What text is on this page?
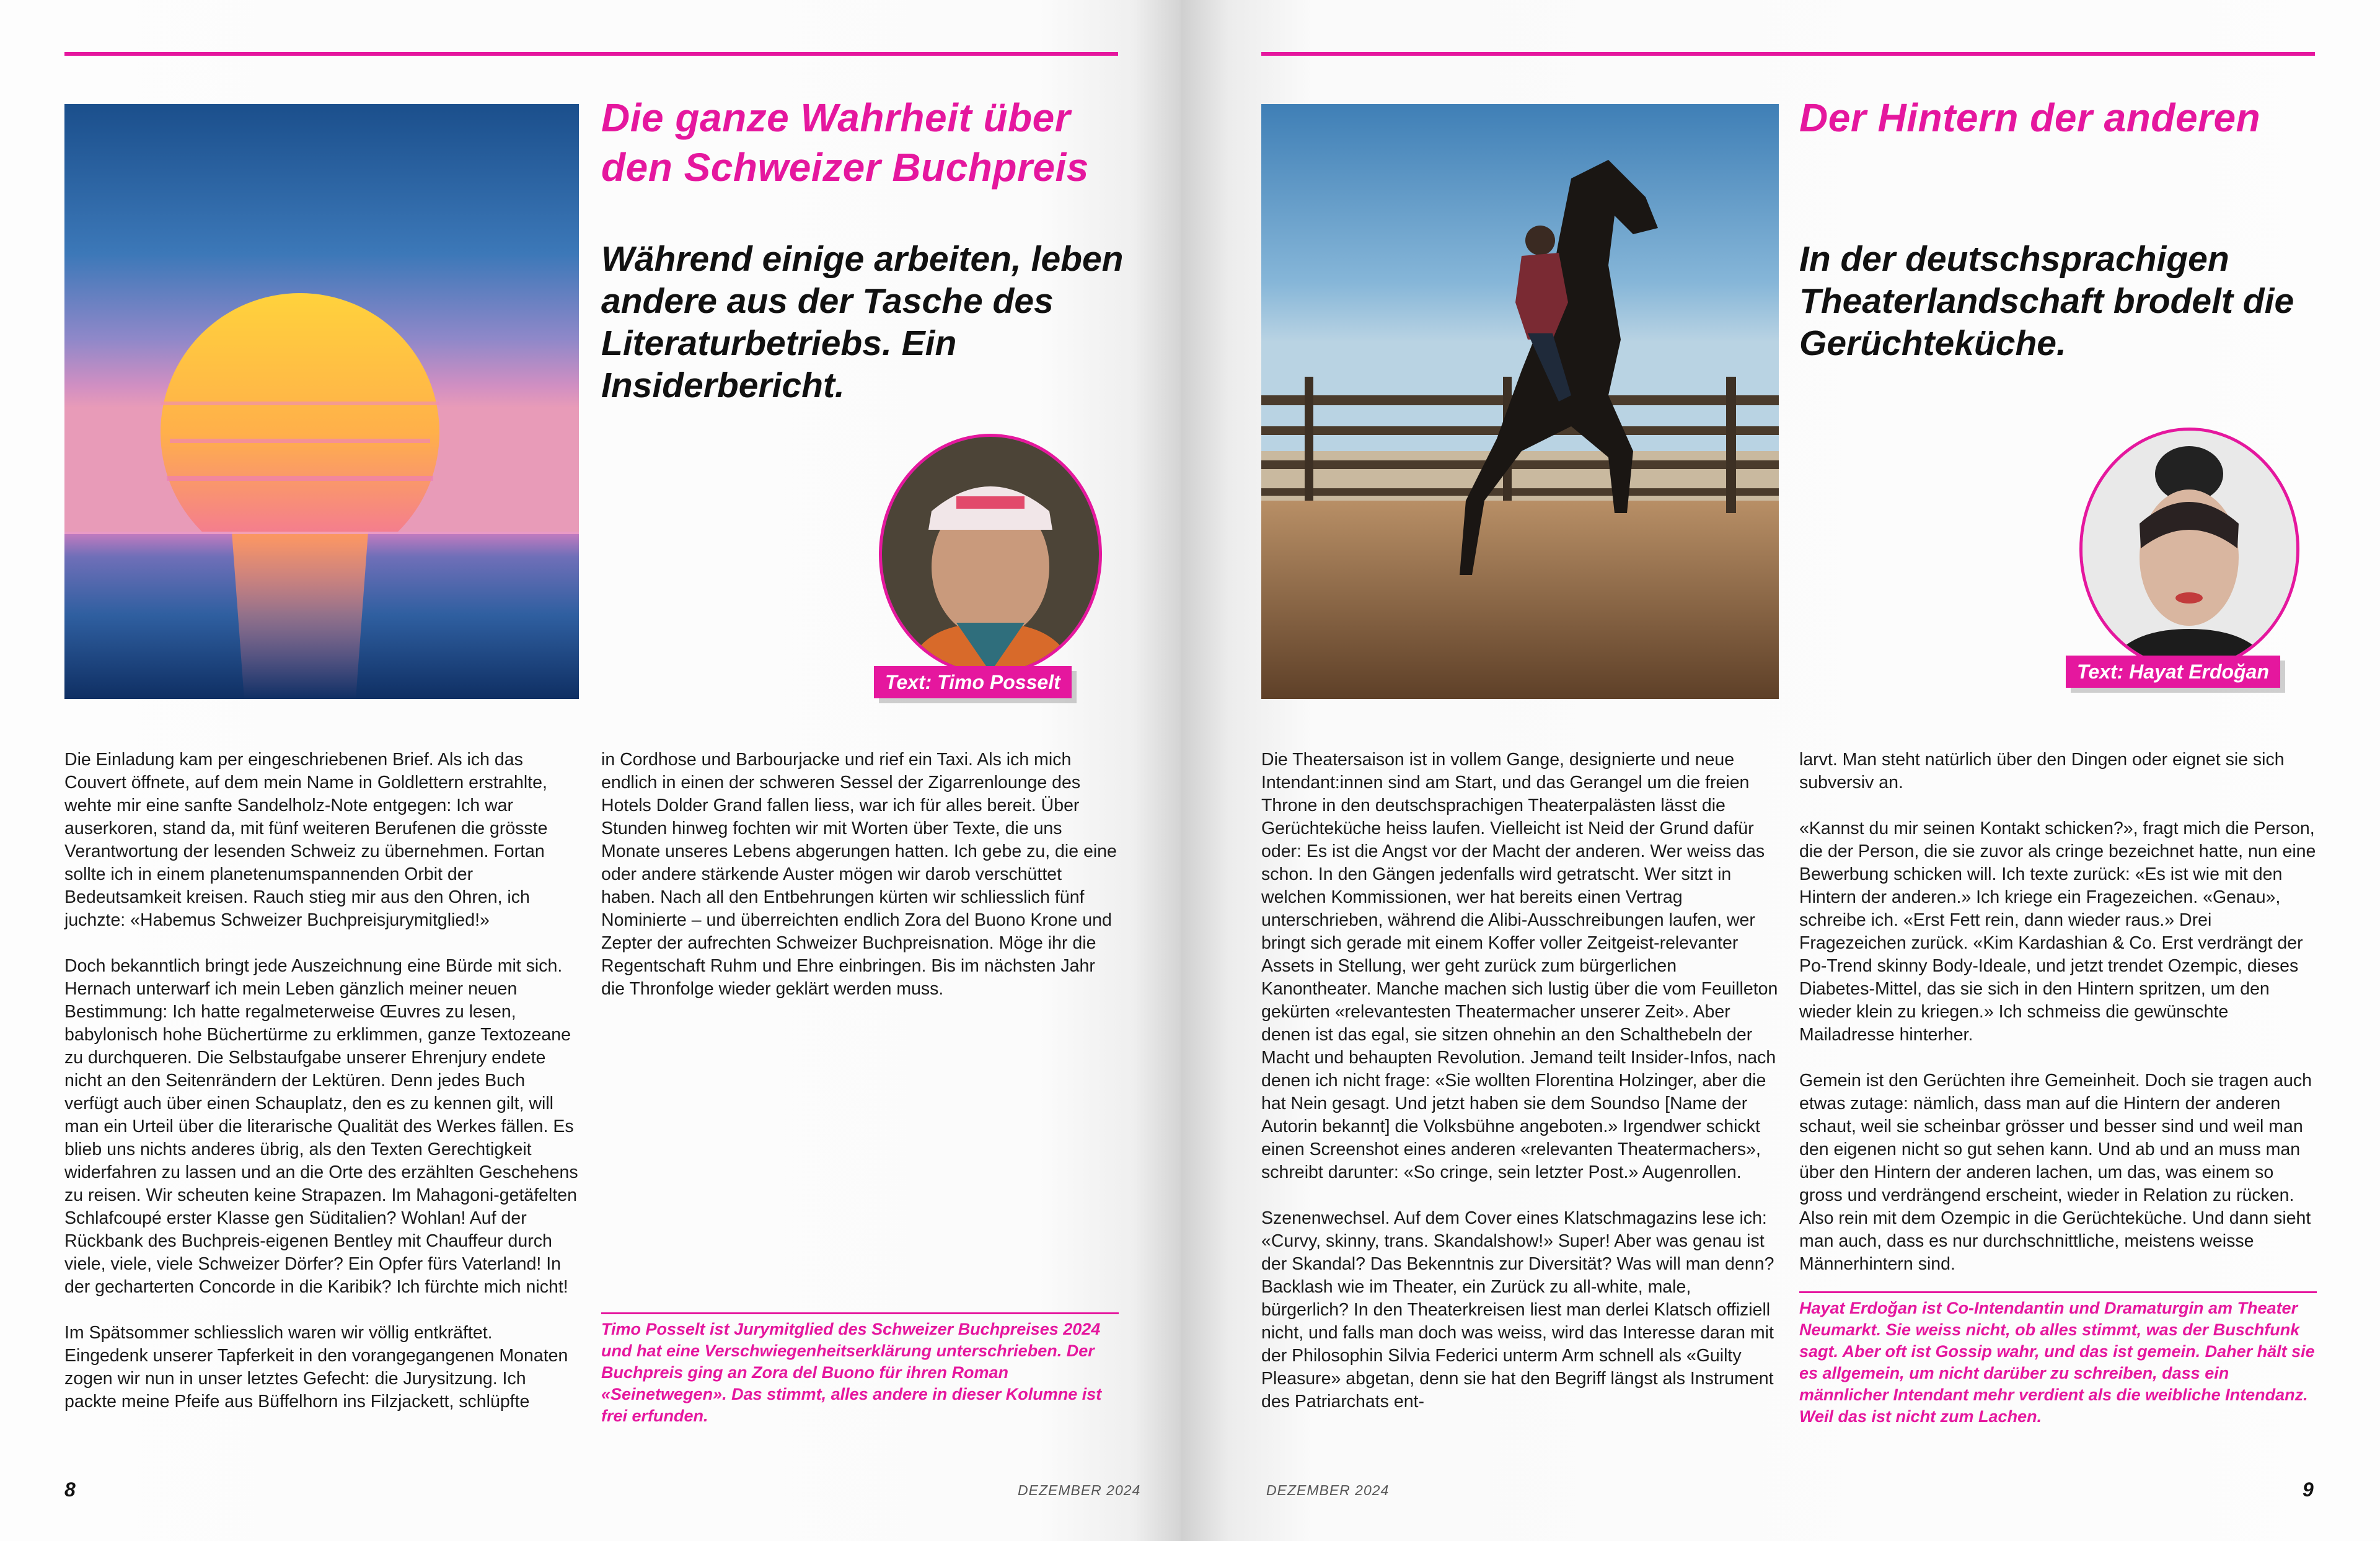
Die ganze Wahrheit über den Schweizer Buchpreis

Während einige arbeiten, leben andere aus der Tasche des Literaturbetriebs. Ein Insiderbericht.

Text: Timo Posselt

Die Einladung kam per eingeschriebenen Brief. Als ich das Couvert öffnete, auf dem mein Name in Goldlettern erstrahlte, wehte mir eine sanfte Sandelholz-Note entgegen: Ich war auserkoren, stand da, mit fünf weiteren Berufenen die grösste Verantwortung der lesenden Schweiz zu übernehmen. Fortan sollte ich in einem planetenumspannenden Orbit der Bedeutsamkeit kreisen. Rauch stieg mir aus den Ohren, ich juchzte: «Habemus Schweizer Buchpreisjurymitglied!»

Doch bekanntlich bringt jede Auszeichnung eine Bürde mit sich. Hernach unterwarf ich mein Leben gänzlich meiner neuen Bestimmung: Ich hatte regalmeterweise Œuvres zu lesen, babylonisch hohe Büchertürme zu erklimmen, ganze Textozeane zu durchqueren. Die Selbstaufgabe unserer Ehrenjury endete nicht an den Seitenrändern der Lektüren. Denn jedes Buch verfügt auch über einen Schauplatz, den es zu kennen gilt, will man ein Urteil über die literarische Qualität des Werkes fällen. Es blieb uns nichts anderes übrig, als den Texten Gerechtigkeit widerfahren zu lassen und an die Orte des erzählten Geschehens zu reisen. Wir scheuten keine Strapazen. Im Mahagoni-getäfelten Schlafcoupé erster Klasse gen Süditalien? Wohlan! Auf der Rückbank des Buchpreis-eigenen Bentley mit Chauffeur durch viele, viele, viele Schweizer Dörfer? Ein Opfer fürs Vaterland! In der gecharterten Concorde in die Karibik? Ich fürchte mich nicht!

Im Spätsommer schliesslich waren wir völlig entkräftet. Eingedenk unserer Tapferkeit in den vorangegangenen Monaten zogen wir nun in unser letztes Gefecht: die Jurysitzung. Ich packte meine Pfeife aus Büffelhorn ins Filzjackett, schlüpfte

in Cordhose und Barbourjacke und rief ein Taxi. Als ich mich endlich in einen der schweren Sessel der Zigarrenlounge des Hotels Dolder Grand fallen liess, war ich für alles bereit. Über Stunden hinweg fochten wir mit Worten über Texte, die uns Monate unseres Lebens abgerungen hatten. Ich gebe zu, die eine oder andere stärkende Auster mögen wir darob verschüttet haben. Nach all den Entbehrungen kürten wir schliesslich fünf Nominierte – und überreichten endlich Zora del Buono Krone und Zepter der aufrechten Schweizer Buchpreisnation. Möge ihr die Regentschaft Ruhm und Ehre einbringen. Bis im nächsten Jahr die Thronfolge wieder geklärt werden muss.

Timo Posselt ist Jurymitglied des Schweizer Buchpreises 2024 und hat eine Verschwiegenheitserklärung unterschrieben. Der Buchpreis ging an Zora del Buono für ihren Roman «Seinetwegen». Das stimmt, alles andere in dieser Kolumne ist frei erfunden.

8	DEZEMBER 2024
Der Hintern der anderen

In der deutschsprachigen Theaterlandschaft brodelt die Gerüchteküche.

Text: Hayat Erdoğan

Die Theatersaison ist in vollem Gange, designierte und neue Intendant:innen sind am Start, und das Gerangel um die freien Throne in den deutschsprachigen Theaterpalästen lässt die Gerüchteküche heiss laufen. Vielleicht ist Neid der Grund dafür oder: Es ist die Angst vor der Macht der anderen. Wer weiss das schon. In den Gängen jedenfalls wird getratscht. Wer sitzt in welchen Kommissionen, wer hat bereits einen Vertrag unterschrieben, während die Alibi-Ausschreibungen laufen, wer bringt sich gerade mit einem Koffer voller Zeitgeist-relevanter Assets in Stellung, wer geht zurück zum bürgerlichen Kanontheater. Manche machen sich lustig über die vom Feuilleton gekürten «relevantesten Theatermacher unserer Zeit». Aber denen ist das egal, sie sitzen ohnehin an den Schalthebeln der Macht und behaupten Revolution. Jemand teilt Insider-Infos, nach denen ich nicht frage: «Sie wollten Florentina Holzinger, aber die hat Nein gesagt. Und jetzt haben sie dem Soundso [Name der Autorin bekannt] die Volksbühne angeboten.» Irgendwer schickt einen Screenshot eines anderen «relevanten Theatermachers», schreibt darunter: «So cringe, sein letzter Post.» Augenrollen.

Szenenwechsel. Auf dem Cover eines Klatschmagazins lese ich: «Curvy, skinny, trans. Skandalshow!» Super! Aber was genau ist der Skandal? Das Bekenntnis zur Diversität? Was will man denn? Backlash wie im Theater, ein Zurück zu all-white, male, bürgerlich? In den Theaterkreisen liest man derlei Klatsch offiziell nicht, und falls man doch was weiss, wird das Interesse daran mit der Philosophin Silvia Federici unterm Arm schnell als «Guilty Pleasure» abgetan, denn sie hat den Begriff längst als Instrument des Patriarchats ent-

larvt. Man steht natürlich über den Dingen oder eignet sie sich subversiv an.

«Kannst du mir seinen Kontakt schicken?», fragt mich die Person, die der Person, die sie zuvor als cringe bezeichnet hatte, nun eine Bewerbung schicken will. Ich texte zurück: «Es ist wie mit den Hintern der anderen.» Ich kriege ein Fragezeichen. «Genau», schreibe ich. «Erst Fett rein, dann wieder raus.» Drei Fragezeichen zurück. «Kim Kardashian & Co. Erst verdrängt der Po-Trend skinny Body-Ideale, und jetzt trendet Ozempic, dieses Diabetes-Mittel, das sie sich in den Hintern spritzen, um den wieder klein zu kriegen.» Ich schmeiss die gewünschte Mailadresse hinterher.

Gemein ist den Gerüchten ihre Gemeinheit. Doch sie tragen auch etwas zutage: nämlich, dass man auf die Hintern der anderen schaut, weil sie scheinbar grösser und besser sind und weil man den eigenen nicht so gut sehen kann. Und ab und an muss man über den Hintern der anderen lachen, um das, was einem so gross und verdrängend erscheint, wieder in Relation zu rücken. Also rein mit dem Ozempic in die Gerüchteküche. Und dann sieht man auch, dass es nur durchschnittliche, meistens weisse Männerhintern sind.

Hayat Erdoğan ist Co-Intendantin und Dramaturgin am Theater Neumarkt. Sie weiss nicht, ob alles stimmt, was der Buschfunk sagt. Aber oft ist Gossip wahr, und das ist gemein. Daher hält sie es allgemein, um nicht darüber zu schreiben, dass ein männlicher Intendant mehr verdient als die weibliche Intendanz. Weil das ist nicht zum Lachen.

DEZEMBER 2024	9
